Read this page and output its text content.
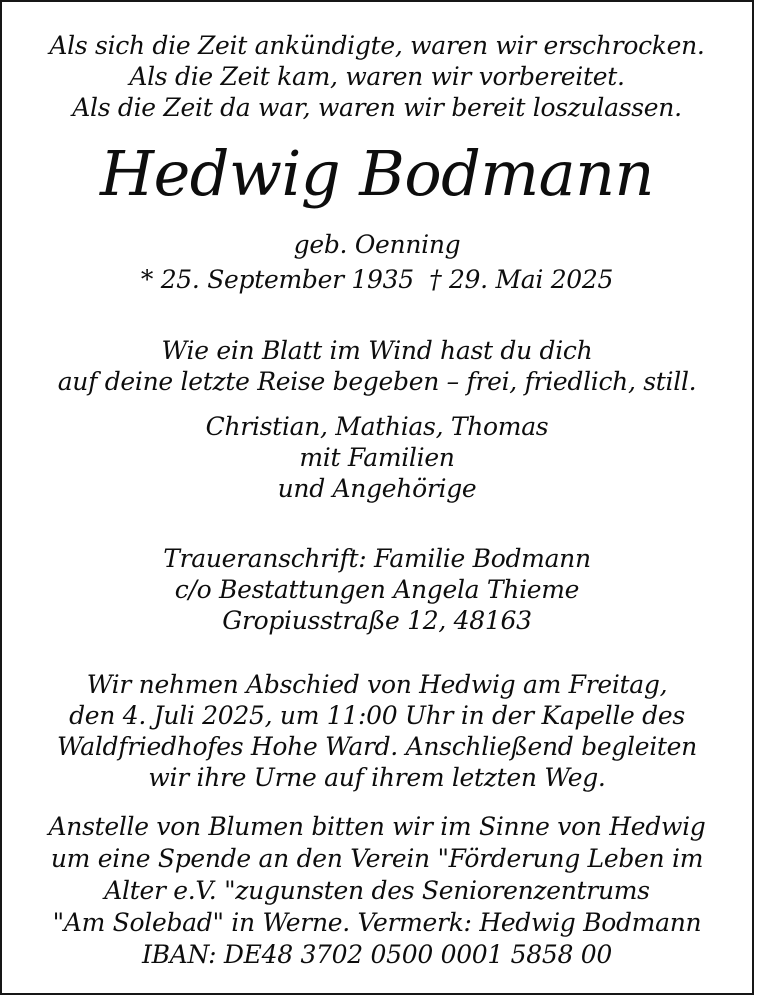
Als sich die Zeit ankündigte, waren wir erschrocken.
Als die Zeit kam, waren wir vorbereitet.
Als die Zeit da war, waren wir bereit loszulassen.
Hedwig Bodmann
geb. Oenning
* 25. September 1935  † 29. Mai 2025
Wie ein Blatt im Wind hast du dich
auf deine letzte Reise begeben – frei, friedlich, still.
Christian, Mathias, Thomas
mit Familien
und Angehörige
Traueranschrift: Familie Bodmann
c/o Bestattungen Angela Thieme
Gropiusstraße 12, 48163
Wir nehmen Abschied von Hedwig am Freitag,
den 4. Juli 2025, um 11:00 Uhr in der Kapelle des
Waldfriedhofes Hohe Ward. Anschließend begleiten
wir ihre Urne auf ihrem letzten Weg.
Anstelle von Blumen bitten wir im Sinne von Hedwig
um eine Spende an den Verein "Förderung Leben im
Alter e.V. "zugunsten des Seniorenzentrums
"Am Solebad" in Werne. Vermerk: Hedwig Bodmann
IBAN: DE48 3702 0500 0001 5858 00
